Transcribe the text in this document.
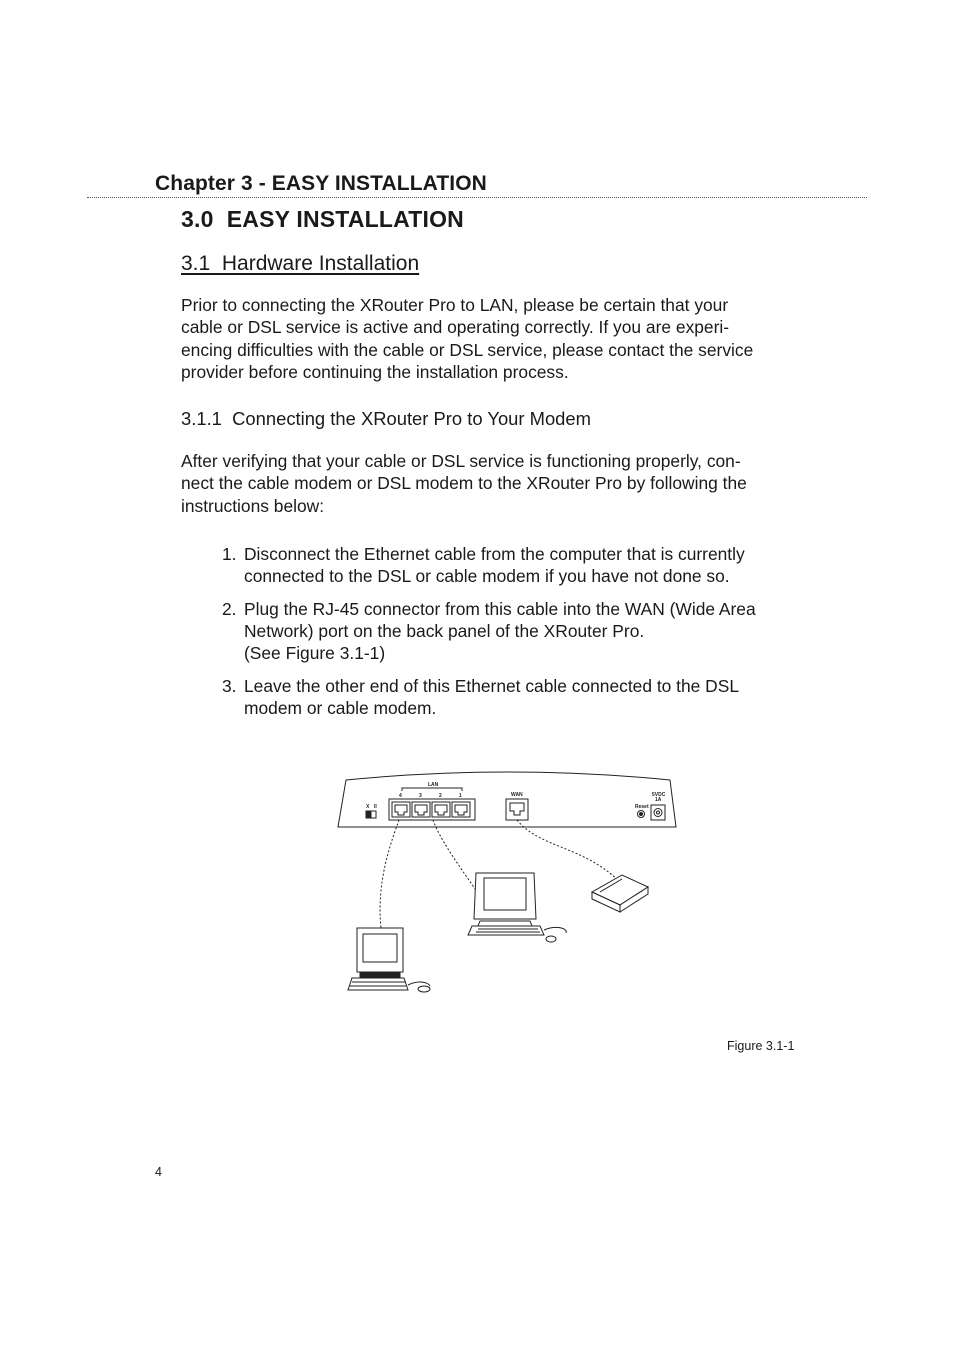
Chapter 3 - EASY INSTALLATION
3.0  EASY INSTALLATION
3.1  Hardware Installation
Prior to connecting the XRouter Pro to LAN, please be certain that your
cable or DSL service is active and operating correctly. If you are experi-
encing difficulties with the cable or DSL service, please contact the service
provider before continuing the installation process.
3.1.1  Connecting the XRouter Pro to Your Modem
After verifying that your cable or DSL service is functioning properly, con-
nect the cable modem or DSL modem to the XRouter Pro by following the
instructions below:
1. Disconnect the Ethernet cable from the computer that is currently
connected to the DSL or cable modem if you have not done so.
2. Plug the RJ-45 connector from this cable into the WAN (Wide Area
Network) port on the back panel of the XRouter Pro.
(See Figure 3.1-1)
3. Leave the other end of this Ethernet cable connected to the DSL
modem or cable modem.
LAN
WAN
Reset
5VDC
1A
X II
4	3	2	1
Figure 3.1-1
4
